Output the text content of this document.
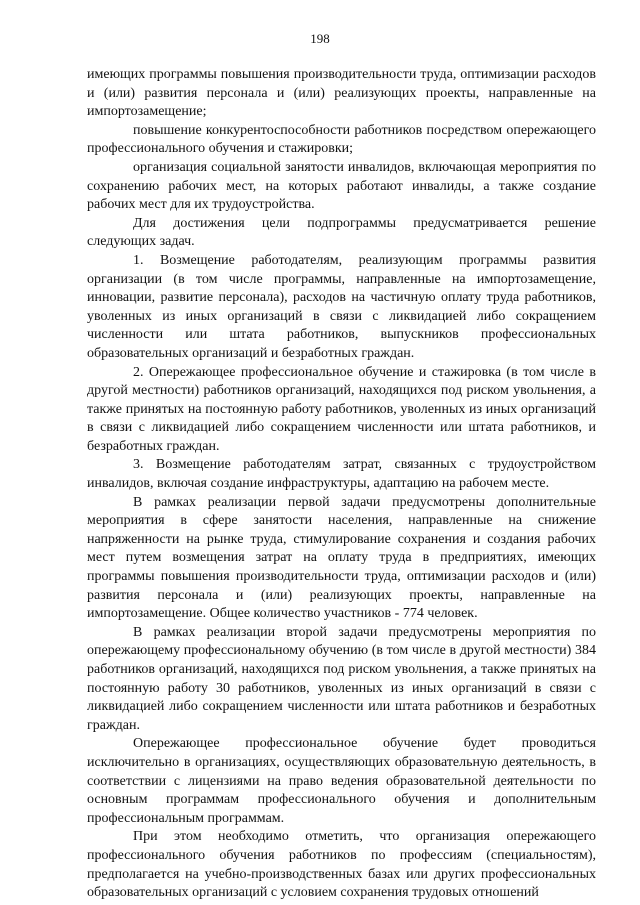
198

имеющих программы повышения производительности труда, оптимизации расходов и (или) развития персонала и (или) реализующих проекты, направленные на импортозамещение;

повышение конкурентоспособности работников посредством опережающего профессионального обучения и стажировки;

организация социальной занятости инвалидов, включающая мероприятия по сохранению рабочих мест, на которых работают инвалиды, а также создание рабочих мест для их трудоустройства.

Для достижения цели подпрограммы предусматривается решение следующих задач.

1. Возмещение работодателям, реализующим программы развития организации (в том числе программы, направленные на импортозамещение, инновации, развитие персонала), расходов на частичную оплату труда работников, уволенных из иных организаций в связи с ликвидацией либо сокращением численности или штата работников, выпускников профессиональных образовательных организаций и безработных граждан.

2. Опережающее профессиональное обучение и стажировка (в том числе в другой местности) работников организаций, находящихся под риском увольнения, а также принятых на постоянную работу работников, уволенных из иных организаций в связи с ликвидацией либо сокращением численности или штата работников, и безработных граждан.

3. Возмещение работодателям затрат, связанных с трудоустройством инвалидов, включая создание инфраструктуры, адаптацию на рабочем месте.

В рамках реализации первой задачи предусмотрены дополнительные мероприятия в сфере занятости населения, направленные на снижение напряженности на рынке труда, стимулирование сохранения и создания рабочих мест путем возмещения затрат на оплату труда в предприятиях, имеющих программы повышения производительности труда, оптимизации расходов и (или) развития персонала и (или) реализующих проекты, направленные на импортозамещение. Общее количество участников - 774 человек.

В рамках реализации второй задачи предусмотрены мероприятия по опережающему профессиональному обучению (в том числе в другой местности) 384 работников организаций, находящихся под риском увольнения, а также принятых на постоянную работу 30 работников, уволенных из иных организаций в связи с ликвидацией либо сокращением численности или штата работников и безработных граждан.

Опережающее профессиональное обучение будет проводиться исключительно в организациях, осуществляющих образовательную деятельность, в соответствии с лицензиями на право ведения образовательной деятельности по основным программам профессионального обучения и дополнительным профессиональным программам.

При этом необходимо отметить, что организация опережающего профессионального обучения работников по профессиям (специальностям), предполагается на учебно-производственных базах или других профессиональных образовательных организаций с условием сохранения трудовых отношений
